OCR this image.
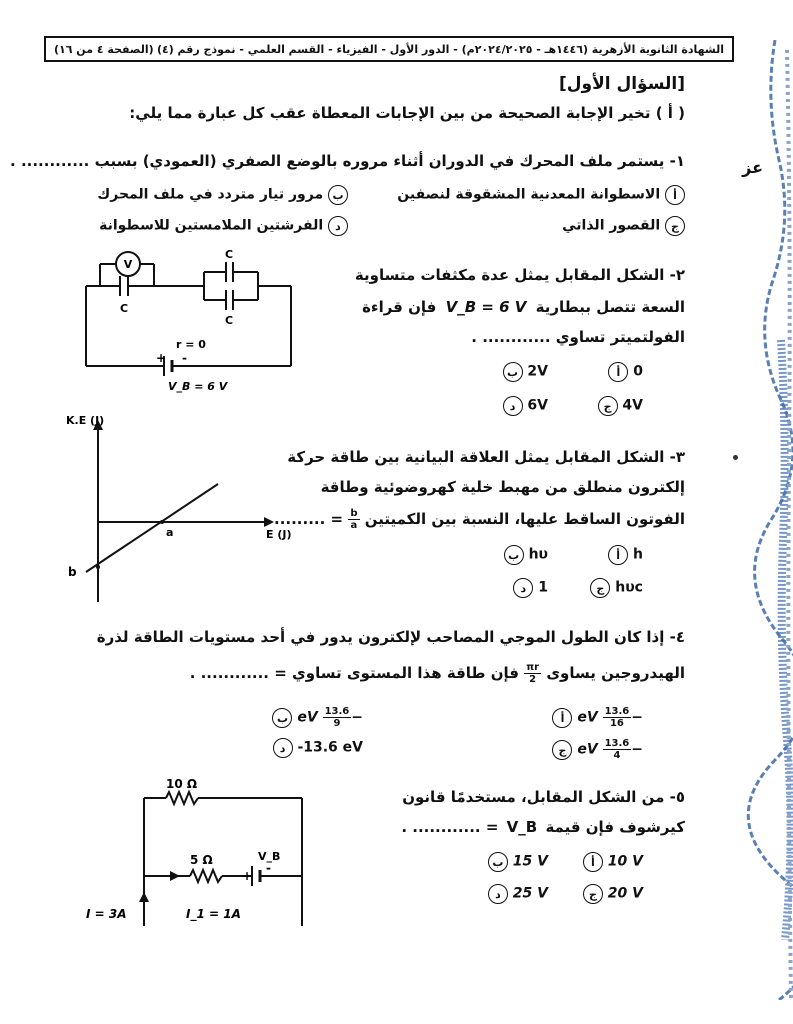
الشهادة الثانوية الأزهرية (١٤٤٦هـ - ٢٠٢٤/٢٠٢٥م) - الدور الأول - الفيزياء - القسم العلمي - نموذج رقم (٤)
(الصفحة ٤ من ١٦)
عز
[السؤال الأول]
( أ ) تخير الإجابة الصحيحة من بين الإجابات المعطاة عقب كل عبارة مما يلي:
١- يستمر ملف المحرك في الدوران أثناء مروره بالوضع الصفري (العمودي) بسبب ............ .
أ الاسطوانة المعدنية المشقوقة لنصفين
ب مرور تيار متردد في ملف المحرك
ج القصور الذاتي
د الفرشتين الملامستين للاسطوانة
V
C
C
C
r = 0
+ -
V_B = 6 V
٢- الشكل المقابل يمثل عدة مكثفات متساوية
السعة تتصل ببطارية V_B = 6 V فإن قراءة
الفولتميتر تساوي ............ .
أ 0
ب 2V
ج 4V
د 6V
K.E (J)
E (J)
a
b
٣- الشكل المقابل يمثل العلاقة البيانية بين طاقة حركة
إلكترون منطلق من مهبط خلية كهروضوئية وطاقة
الفوتون الساقط عليها، النسبة بين الكميتين
$\frac{b}{a}$
= ......... .
أ h
ب hυ
ج hυc
د 1
٤- إذا كان الطول الموجي المصاحب لإلكترون يدور في أحد مستويات الطاقة لذرة
الهيدروجين يساوى
$\frac{\pi r}{2}$
فإن طاقة هذا المستوى تساوي = ............ .
أ eV $\frac{13.6}{16}$ −
ب eV $\frac{13.6}{9}$ −
ج eV $\frac{13.6}{4}$ −
د -13.6 eV
10 Ω
5 Ω	V_B
+
-
I = 3A	I_1 = 1A
٥- من الشكل المقابل، مستخدمًا قانون
كيرشوف فإن قيمة V_B = ............ .
أ 10 V
ب 15 V
ج 20 V
د 25 V
